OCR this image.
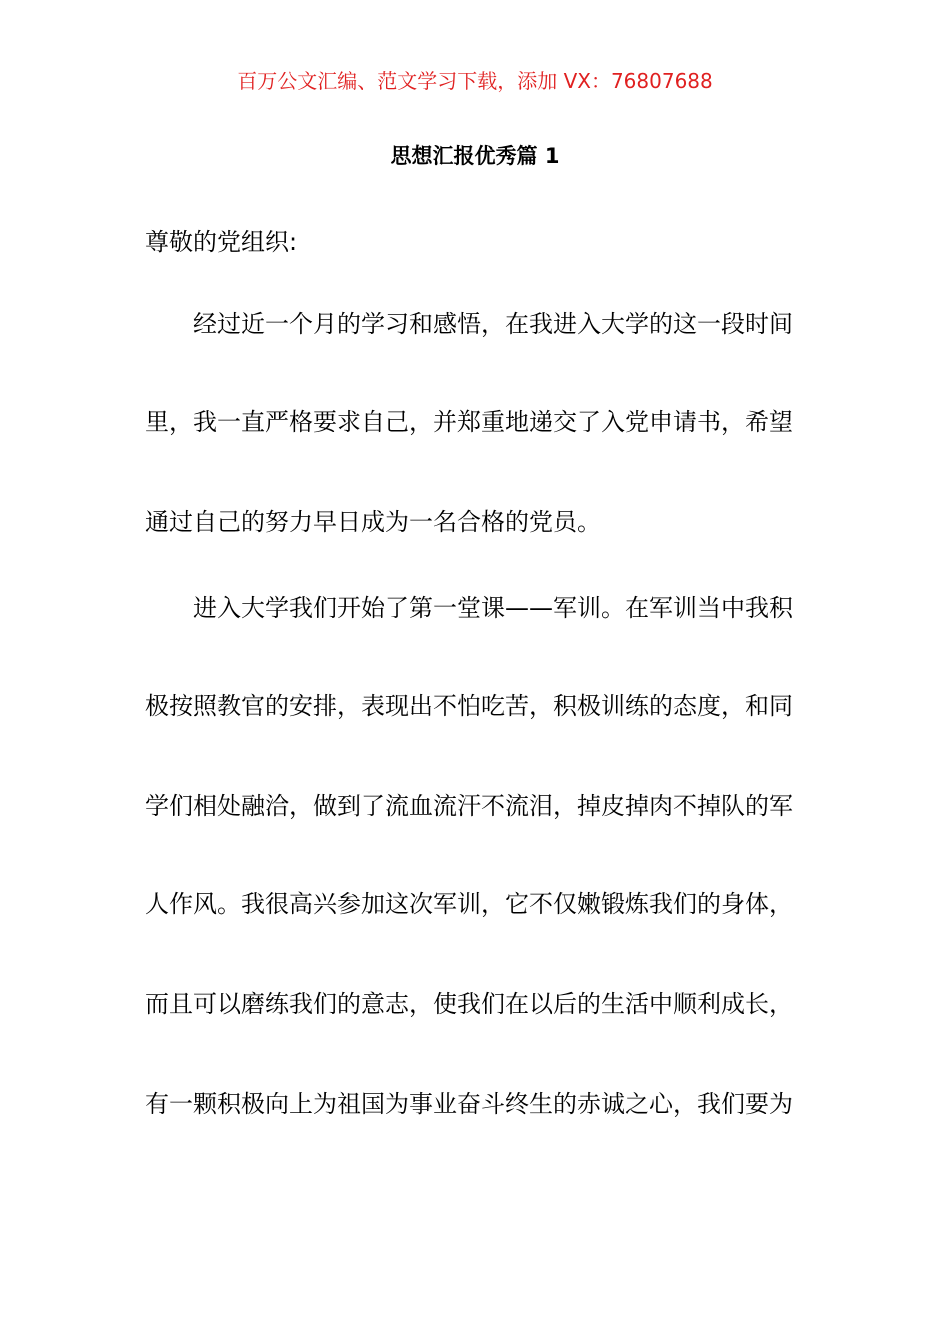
百万公文汇编、范文学习下载，添加 VX：76807688
思想汇报优秀篇 1
尊敬的党组织:
　　经过近一个月的学习和感悟，在我进入大学的这一段时间
里，我一直严格要求自己，并郑重地递交了入党申请书，希望
通过自己的努力早日成为一名合格的党员。
　　进入大学我们开始了第一堂课——军训。在军训当中我积
极按照教官的安排，表现出不怕吃苦，积极训练的态度，和同
学们相处融洽，做到了流血流汗不流泪，掉皮掉肉不掉队的军
人作风。我很高兴参加这次军训，它不仅嫩锻炼我们的身体，
而且可以磨练我们的意志，使我们在以后的生活中顺利成长，
有一颗积极向上为祖国为事业奋斗终生的赤诚之心，我们要为
